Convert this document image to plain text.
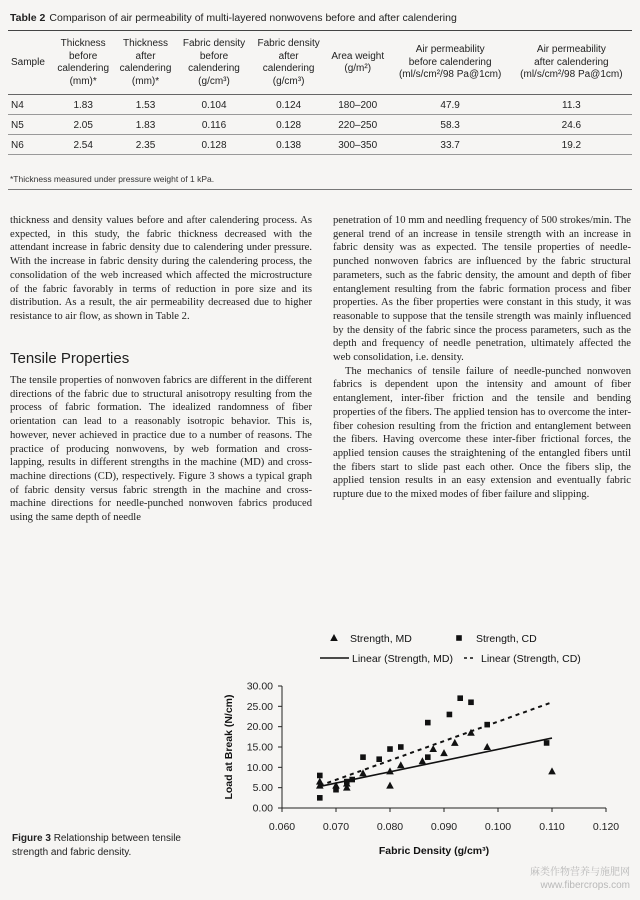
Table 2 Comparison of air permeability of multi-layered nonwovens before and after calendering
Sample	Thickness
before
calendering
(mm)*	Thickness
after
calendering
(mm)*	Fabric density
before
calendering
(g/cm³)	Fabric density
after
calendering
(g/cm³)	Area weight
(g/m²)	Air permeability
before calendering
(ml/s/cm²/98 Pa@1cm)	Air permeability
after calendering
(ml/s/cm²/98 Pa@1cm)
N4	1.83	1.53	0.104	0.124	180–200	47.9	11.3
N5	2.05	1.83	0.116	0.128	220–250	58.3	24.6
N6	2.54	2.35	0.128	0.138	300–350	33.7	19.2
*Thickness measured under pressure weight of 1 kPa.

thickness and density values before and after calendering process. As expected, in this study, the fabric thickness decreased with the attendant increase in fabric density due to calendering under pressure. With the increase in fabric density during the calendering process, the consolidation of the web increased which affected the microstructure of the fabric favorably in terms of reduction in pore size and its distribution. As a result, the air permeability decreased due to higher resistance to air flow, as shown in Table 2.

Tensile Properties

The tensile properties of nonwoven fabrics are different in the different directions of the fabric due to structural anisotropy resulting from the process of fabric formation. The idealized randomness of fiber orientation can lead to a reasonably isotropic behavior. This is, however, never achieved in practice due to a number of reasons. The practice of producing nonwovens, by web formation and cross-lapping, results in different strengths in the machine (MD) and cross-machine directions (CD), respectively. Figure 3 shows a typical graph of fabric density versus fabric strength in the machine and cross-machine directions for needle-punched nonwoven fabrics produced using the same depth of needle

penetration of 10 mm and needling frequency of 500 strokes/min. The general trend of an increase in tensile strength with an increase in fabric density was as expected. The tensile properties of needle-punched nonwoven fabrics are influenced by the fabric structural parameters, such as the fabric density, the amount and depth of fiber entanglement resulting from the fabric formation process and fiber properties. As the fiber properties were constant in this study, it was reasonable to suppose that the tensile strength was mainly influenced by the density of the fabric since the process parameters, such as the depth and frequency of needle penetration, ultimately affected the web consolidation, i.e. density.

The mechanics of tensile failure of needle-punched nonwoven fabrics is dependent upon the intensity and amount of fiber entanglement, inter-fiber friction and the tensile and bending properties of the fibers. The applied tension has to overcome the inter-fiber cohesion resulting from the friction and entanglement between the fibers. Having overcome these inter-fiber frictional forces, the applied tension causes the straightening of the entangled fibers until the fibers start to slide past each other. Once the fibers slip, the applied tension results in an easy extension and eventually fabric rupture due to the mixed modes of fiber failure and slipping.

Figure 3 Relationship between tensile strength and fabric density.
0.00
5.00
10.00
15.00
20.00
25.00
30.00
0.060	0.070	0.080	0.090	0.100	0.110	0.120
Fabric Density (g/cm³)
Load at Break (N/cm)
Strength, MD	Strength, CD
Linear (Strength, MD)	Linear (Strength, CD)
麻类作物营养与施肥网
www.fibercrops.com
